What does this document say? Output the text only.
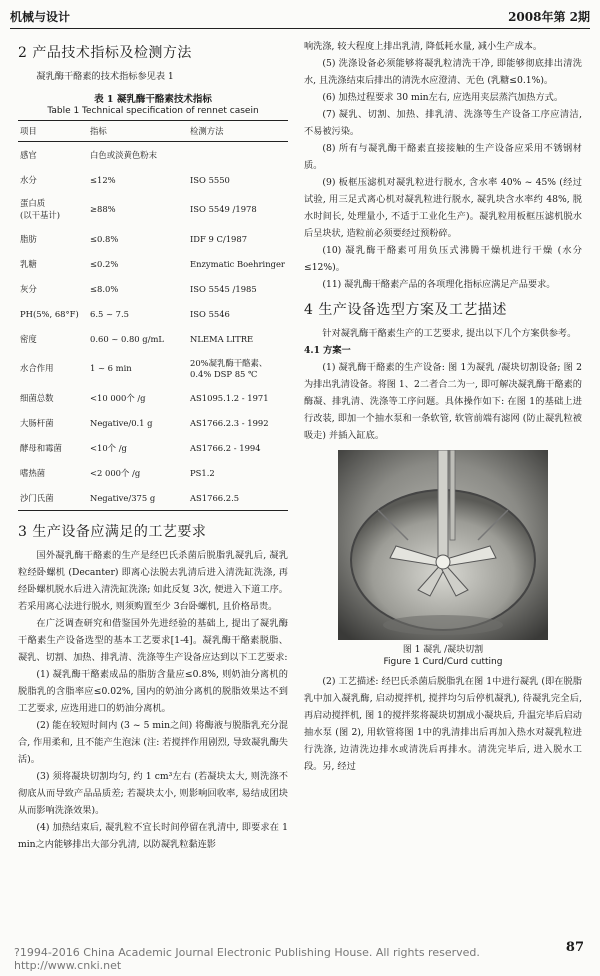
机械与设计	2008年第 2期
2 产品技术指标及检测方法

凝乳酶干酪素的技术指标参见表 1

表 1 凝乳酶干酪素技术指标
Table 1 Technical specification of rennet casein
项目	指标	检测方法
感官	白色或淡黄色粉末	
水分	≤12%	ISO 5550
蛋白质
(以干基计)	≥88%	ISO 5549 /1978
脂肪	≤0.8%	IDF 9 C/1987
乳糖	≤0.2%	Enzymatic Boehringer
灰分	≤8.0%	ISO 5545 /1985
PH(5%, 68°F)	6.5 ~ 7.5	ISO 5546
密度	0.60 ~ 0.80 g/mL	NLEMA LITRE
水合作用	1 ~ 6 min	20%凝乳酶干酪素、0.4% DSP 85 ℃
细菌总数	<10 000个 /g	AS1095.1.2 - 1971
大肠杆菌	Negative/0.1 g	AS1766.2.3 - 1992
酵母和霉菌	<10个 /g	AS1766.2 - 1994
嗜热菌	<2 000个 /g	PS1.2
沙门氏菌	Negative/375 g	AS1766.2.5
3 生产设备应满足的工艺要求

国外凝乳酶干酪素的生产是经巴氏杀菌后脱脂乳凝乳后, 凝乳粒经卧螺机 (Decanter) 即离心法脱去乳清后进入清洗缸洗涤, 再经卧螺机脱水后进入清洗缸洗涤; 如此反复 3次, 便进入下道工序。若采用离心法进行脱水, 则须购置至少 3台卧螺机, 且价格昂贵。

在广泛调查研究和借鉴国外先进经验的基础上, 提出了凝乳酶干酪素生产设备选型的基本工艺要求[1-4]。凝乳酶干酪素脱脂、凝乳、切割、加热、排乳清、洗涤等生产设备应达到以下工艺要求:

(1) 凝乳酶干酪素成品的脂肪含量应≤0.8%, 则奶油分离机的脱脂乳的含脂率应≤0.02%, 国内的奶油分离机的脱脂效果达不到工艺要求, 应选用进口的奶油分离机。

(2) 能在较短时间内 (3 ~ 5 min之间) 将酶液与脱脂乳充分混合, 作用柔和, 且不能产生泡沫 (注: 若搅拌作用剧烈, 导致凝乳酶失活)。

(3) 须将凝块切割均匀, 约 1 cm³左右 (若凝块太大, 则洗涤不彻底从而导致产品品质差; 若凝块太小, 则影响回收率, 易结成团块从而影响洗涤效果)。

(4) 加热结束后, 凝乳粒不宜长时间停留在乳清中, 即要求在 1 min之内能够排出大部分乳清, 以防凝乳粒黏连影

响洗涤, 较大程度上排出乳清, 降低耗水量, 减小生产成本。

(5) 洗涤设备必须能够将凝乳粒清洗干净, 即能够彻底排出清洗水, 且洗涤结束后排出的清洗水应澄清、无色 (乳糖≤0.1%)。

(6) 加热过程要求 30 min左右, 应选用夹层蒸汽加热方式。

(7) 凝乳、切割、加热、排乳清、洗涤等生产设备工序应清洁, 不易被污染。

(8) 所有与凝乳酶干酪素直接接触的生产设备应采用不锈钢材质。

(9) 板框压滤机对凝乳粒进行脱水, 含水率 40% ~ 45% (经过试验, 用三足式离心机对凝乳粒进行脱水, 凝乳块含水率约 48%, 脱水时间长, 处理量小, 不适于工业化生产)。凝乳粒用板框压滤机脱水后呈块状, 造粒前必须要经过预粉碎。

(10) 凝乳酶干酪素可用负压式沸腾干燥机进行干燥 (水分≤12%)。

(11) 凝乳酶干酪素产品的各项理化指标应满足产品要求。

4 生产设备选型方案及工艺描述

针对凝乳酶干酪素生产的工艺要求, 提出以下几个方案供参考。

4.1 方案一

(1) 凝乳酶干酪素的生产设备: 图 1为凝乳 /凝块切割设备; 图 2为排出乳清设备。将图 1、2二者合二为一, 即可解决凝乳酶干酪素的酶凝、排乳清、洗涤等工序问题。具体操作如下: 在图 1的基础上进行改装, 即加一个抽水泵和一条软管, 软管前端有滤网 (防止凝乳粒被吸走) 并插入缸底。

图 1 凝乳 /凝块切割
Figure 1 Curd/Curd cutting

(2) 工艺描述: 经巴氏杀菌后脱脂乳在图 1中进行凝乳 (即在脱脂乳中加入凝乳酶, 启动搅拌机, 搅拌均匀后停机凝乳), 待凝乳完全后, 再启动搅拌机, 图 1的搅拌浆将凝块切割成小凝块后, 升温完毕后启动抽水泵 (图 2), 用软管将图 1中的乳清排出后再加入热水对凝乳粒进行洗涤, 边清洗边排水或清洗后再排水。清洗完毕后, 进入脱水工段。另, 经过

?1994-2016 China Academic Journal Electronic Publishing House. All rights reserved. http://www.cnki.net
87
